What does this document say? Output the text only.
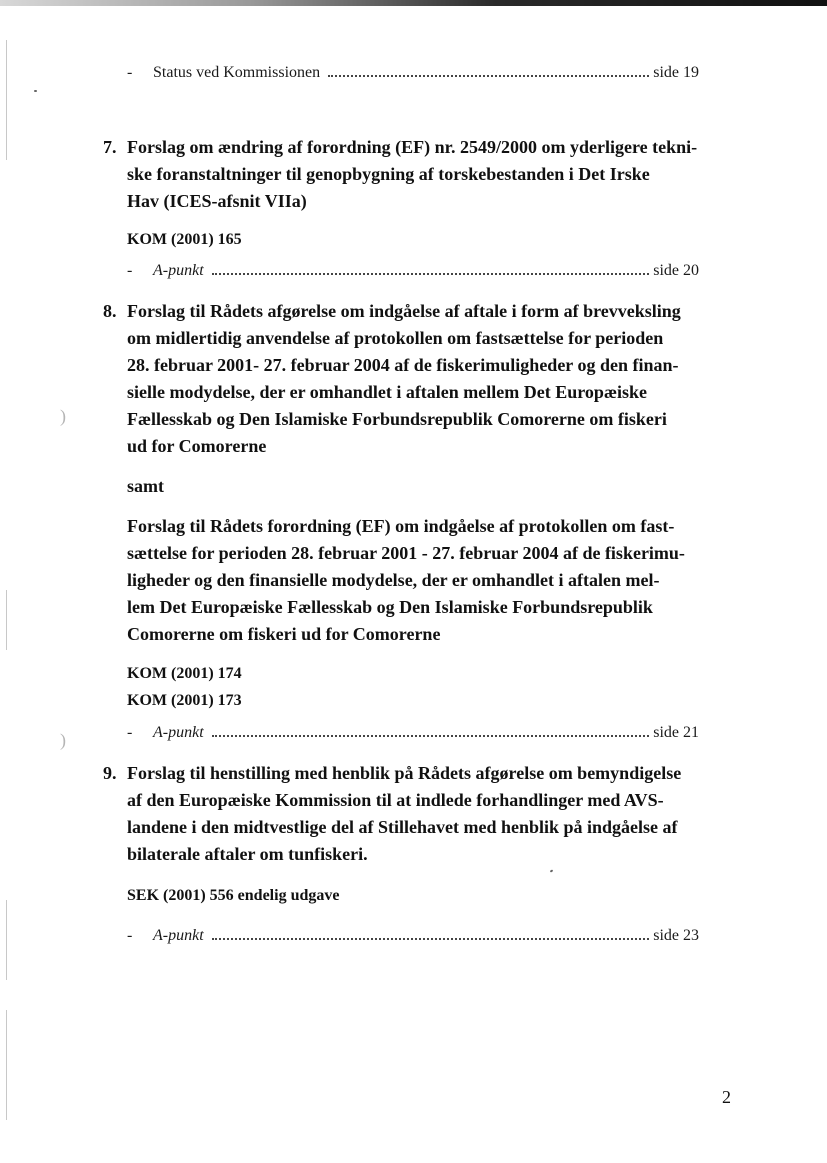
)
)
-	Status ved Kommissionen	side 19
7. Forslag om ændring af forordning (EF) nr. 2549/2000 om yderligere tekni-
ske foranstaltninger til genopbygning af torskebestanden i Det Irske
Hav (ICES-afsnit VIIa)
KOM (2001) 165
-	A-punkt	side 20
8. Forslag til Rådets afgørelse om indgåelse af aftale i form af brevveksling
om midlertidig anvendelse af protokollen om fastsættelse for perioden
28. februar 2001- 27. februar 2004 af de fiskerimuligheder og den finan-
sielle modydelse, der er omhandlet i aftalen mellem Det Europæiske
Fællesskab og Den Islamiske Forbundsrepublik Comorerne om fiskeri
ud for Comorerne
samt
Forslag til Rådets forordning (EF) om indgåelse af protokollen om fast-
sættelse for perioden 28. februar 2001 - 27. februar 2004 af de fiskerimu-
ligheder og den finansielle modydelse, der er omhandlet i aftalen mel-
lem Det Europæiske Fællesskab og Den Islamiske Forbundsrepublik
Comorerne om fiskeri ud for Comorerne
KOM (2001) 174
KOM (2001) 173
-	A-punkt	side 21
9. Forslag til henstilling med henblik på Rådets afgørelse om bemyndigelse
af den Europæiske Kommission til at indlede forhandlinger med AVS-
landene i den midtvestlige del af Stillehavet med henblik på indgåelse af
bilaterale aftaler om tunfiskeri.
SEK (2001) 556 endelig udgave
-	A-punkt	side 23
2
